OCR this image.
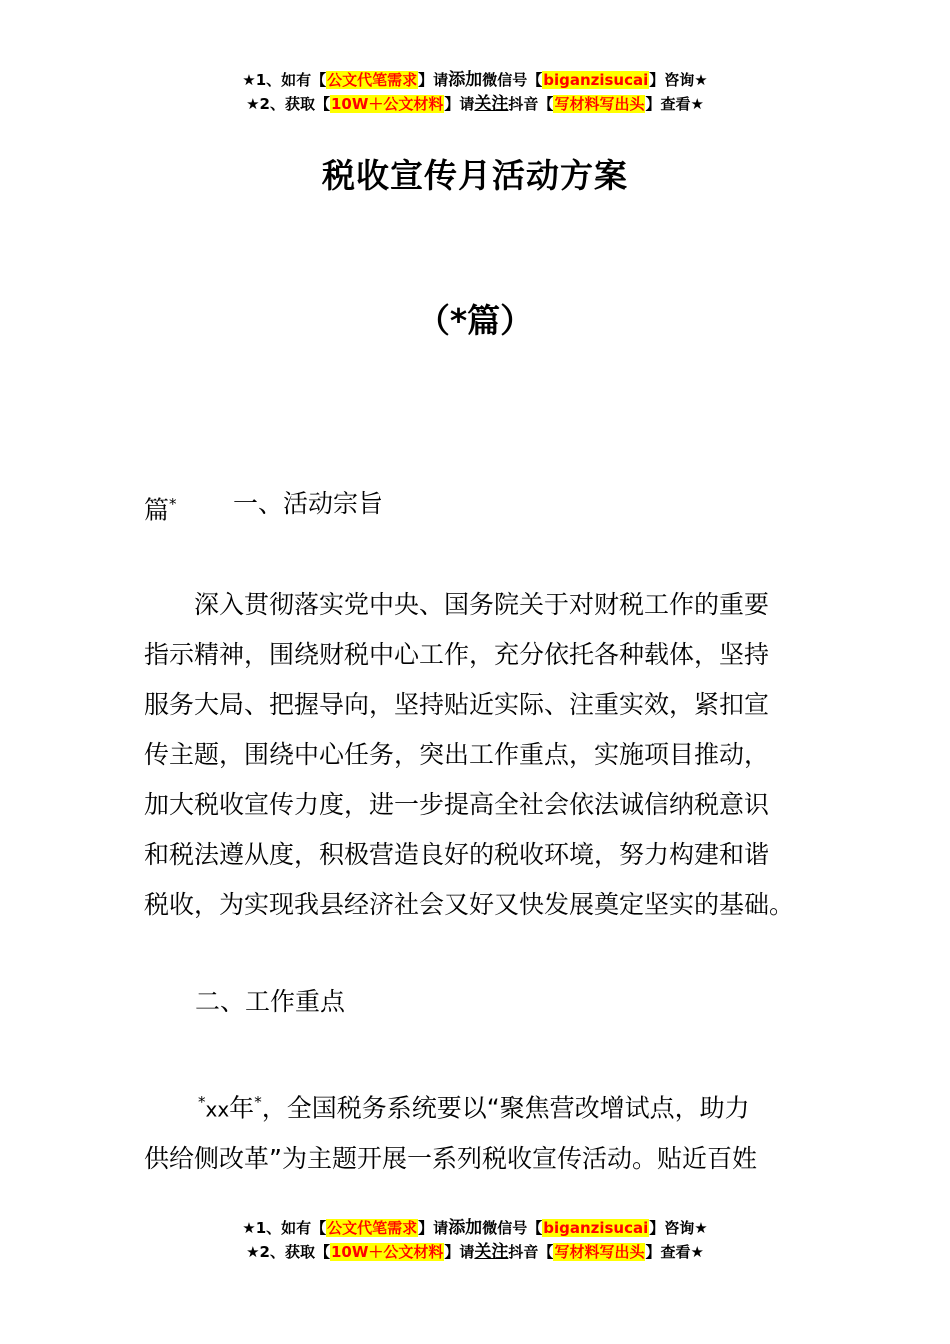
★1、如有【公文代笔需求】请添加微信号【biganzisucai】咨询★
★2、获取【10W＋公文材料】请关注抖音【写材料写出头】查看★
税收宣传月活动方案
（*篇）
篇* 一、活动宗旨
深入贯彻落实党中央、国务院关于对财税工作的重要
指示精神，围绕财税中心工作，充分依托各种载体，坚持
服务大局、把握导向，坚持贴近实际、注重实效，紧扣宣
传主题，围绕中心任务，突出工作重点，实施项目推动，
加大税收宣传力度，进一步提高全社会依法诚信纳税意识
和税法遵从度，积极营造良好的税收环境，努力构建和谐
税收，为实现我县经济社会又好又快发展奠定坚实的基础。
二、工作重点
*xx年*，全国税务系统要以“聚焦营改增试点，助力
供给侧改革”为主题开展一系列税收宣传活动。贴近百姓
★1、如有【公文代笔需求】请添加微信号【biganzisucai】咨询★
★2、获取【10W＋公文材料】请关注抖音【写材料写出头】查看★
